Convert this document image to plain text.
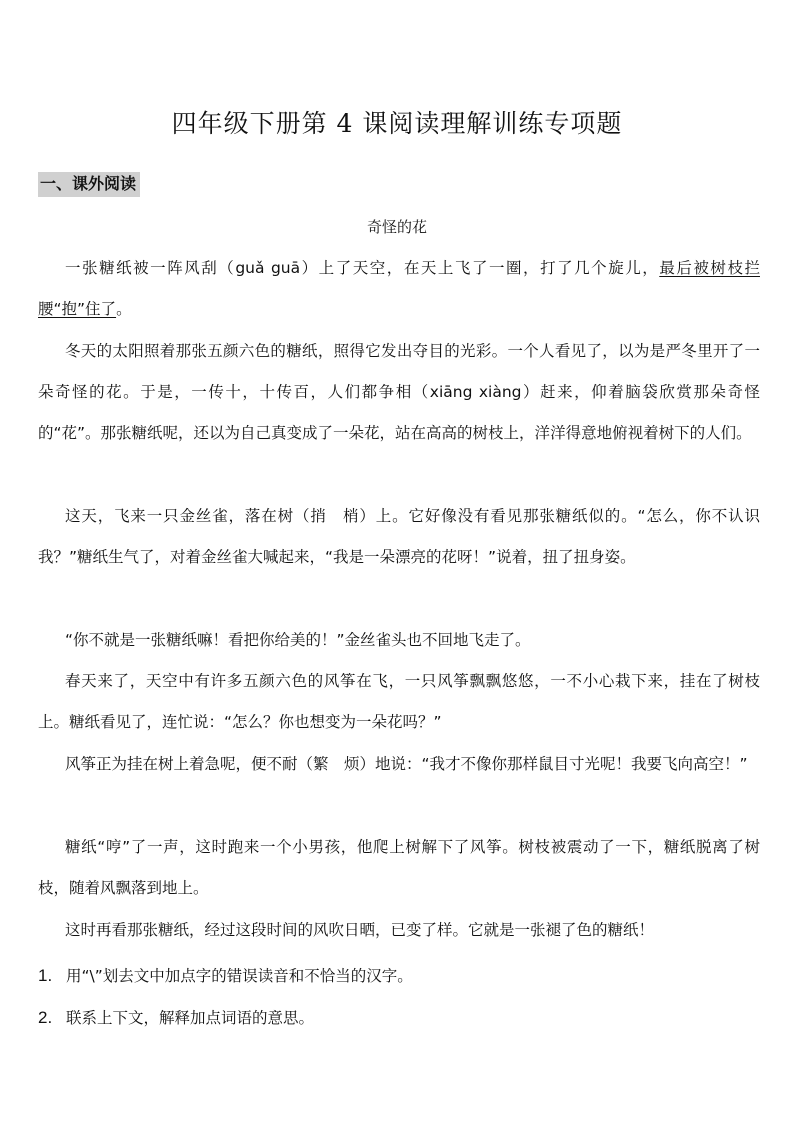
四年级下册第 4 课阅读理解训练专项题
一、课外阅读
奇怪的花

一张糖纸被一阵风刮（guǎ guā）上了天空，在天上飞了一圈，打了几个旋儿，最后被树枝拦腰“抱”住了。

冬天的太阳照着那张五颜六色的糖纸，照得它发出夺目的光彩。一个人看见了，以为是严冬里开了一朵奇怪的花。于是，一传十，十传百，人们都争相（xiāng xiàng）赶来，仰着脑袋欣赏那朵奇怪的“花”。那张糖纸呢，还以为自己真变成了一朵花，站在高高的树枝上，洋洋得意地俯视着树下的人们。

这天，飞来一只金丝雀，落在树（捎　梢）上。它好像没有看见那张糖纸似的。“怎么，你不认识我？”糖纸生气了，对着金丝雀大喊起来，“我是一朵漂亮的花呀！”说着，扭了扭身姿。

“你不就是一张糖纸嘛！看把你给美的！”金丝雀头也不回地飞走了。

春天来了，天空中有许多五颜六色的风筝在飞，一只风筝飘飘悠悠，一不小心栽下来，挂在了树枝上。糖纸看见了，连忙说：“怎么？你也想变为一朵花吗？”

风筝正为挂在树上着急呢，便不耐（繁　烦）地说：“我才不像你那样鼠目寸光呢！我要飞向高空！”

糖纸“哼”了一声，这时跑来一个小男孩，他爬上树解下了风筝。树枝被震动了一下，糖纸脱离了树枝，随着风飘落到地上。

这时再看那张糖纸，经过这段时间的风吹日晒，已变了样。它就是一张褪了色的糖纸！

1. 用“\”划去文中加点字的错误读音和不恰当的汉字。
2. 联系上下文，解释加点词语的意思。
